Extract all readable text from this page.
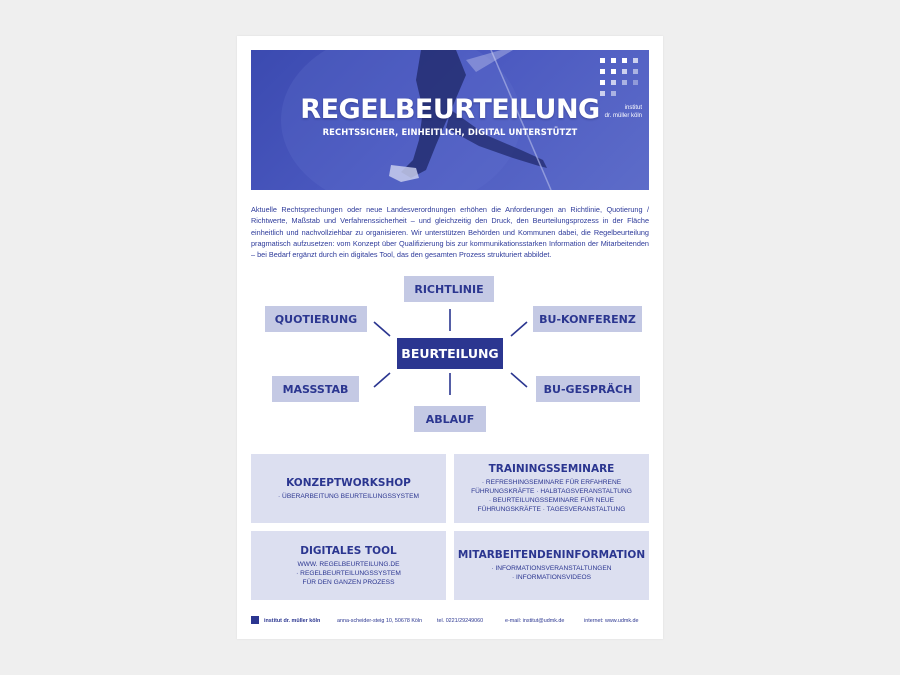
REGELBEURTEILUNG
RECHTSSICHER, EINHEITLICH, DIGITAL UNTERSTÜTZT
institut
dr. müller köln
Aktuelle Rechtsprechungen oder neue Landesverordnungen erhöhen die Anforderungen an Richtlinie, Quotierung / Richtwerte, Maßstab und Verfahrenssicherheit – und gleichzeitig den Druck, den Beurteilungsprozess in der Fläche einheitlich und nachvollziehbar zu organisieren. Wir unterstützen Behörden und Kommunen dabei, die Regelbeurteilung pragmatisch aufzusetzen: vom Konzept über Qualifizierung bis zur kommunikationsstarken Information der Mitarbeitenden – bei Bedarf ergänzt durch ein digitales Tool, das den gesamten Prozess strukturiert abbildet.
RICHTLINIE
QUOTIERUNG	BU-KONFERENZ
BEURTEILUNG
MASSSTAB	BU-GESPRÄCH
ABLAUF
KONZEPTWORKSHOP
· ÜBERARBEITUNG BEURTEILUNGSSYSTEM
TRAININGSSEMINARE
· REFRESHINGSEMINARE FÜR ERFAHRENE
FÜHRUNGSKRÄFTE · HALBTAGSVERANSTALTUNG
· BEURTEILUNGSSEMINARE FÜR NEUE
FÜHRUNGSKRÄFTE · TAGESVERANSTALTUNG
DIGITALES TOOL
WWW. REGELBEURTEILUNG.DE
· REGELBEURTEILUNGSSYSTEM
FÜR DEN GANZEN PROZESS
MITARBEITENDENINFORMATION
· INFORMATIONSVERANSTALTUNGEN
· INFORMATIONSVIDEOS
institut dr. müller köln	anna-scheider-steig 10, 50678 Köln	tel. 0221/29249060	e-mail: institut@udmk.de	internet: www.udmk.de
